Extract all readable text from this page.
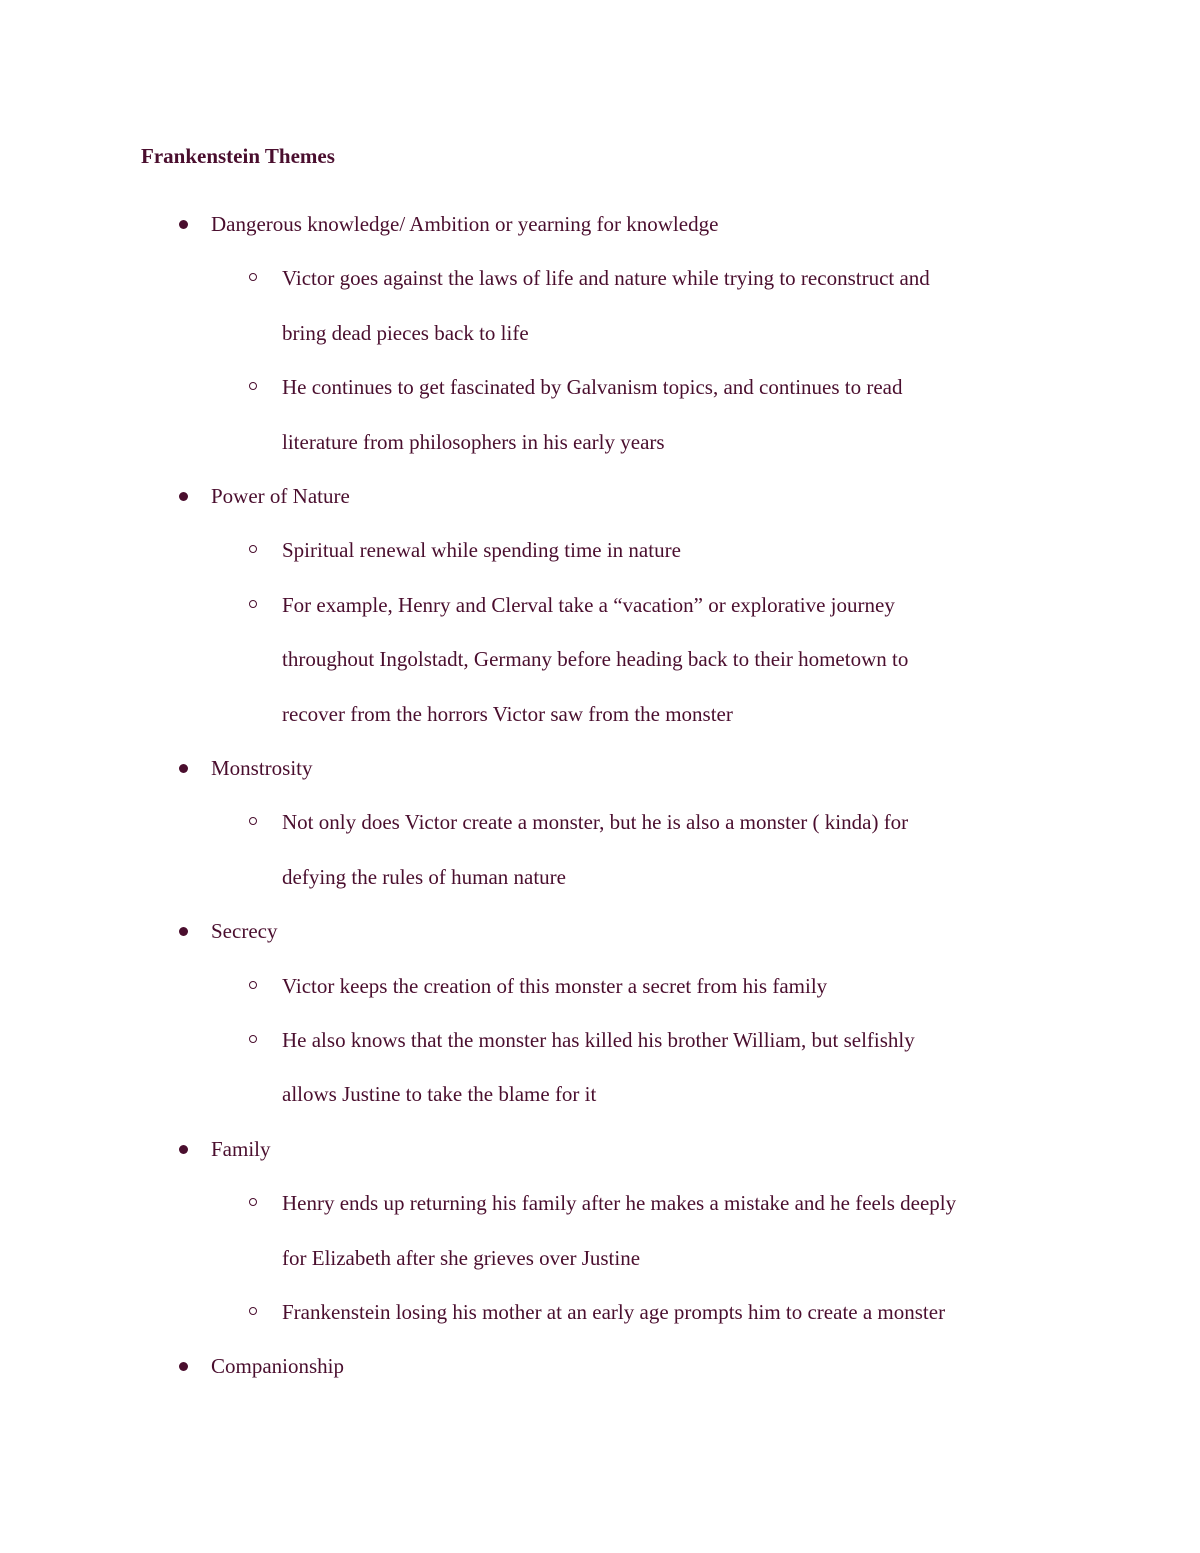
Frankenstein Themes
Dangerous knowledge/ Ambition or yearning for knowledge
Victor goes against the laws of life and nature while trying to reconstruct and
bring dead pieces back to life
He continues to get fascinated by Galvanism topics, and continues to read
literature from philosophers in his early years
Power of Nature
Spiritual renewal while spending time in nature
For example, Henry and Clerval take a “vacation” or explorative journey
throughout Ingolstadt, Germany before heading back to their hometown to
recover from the horrors Victor saw from the monster
Monstrosity
Not only does Victor create a monster, but he is also a monster ( kinda) for
defying the rules of human nature
Secrecy
Victor keeps the creation of this monster a secret from his family
He also knows that the monster has killed his brother William, but selfishly
allows Justine to take the blame for it
Family
Henry ends up returning his family after he makes a mistake and he feels deeply
for Elizabeth after she grieves over Justine
Frankenstein losing his mother at an early age prompts him to create a monster
Companionship
